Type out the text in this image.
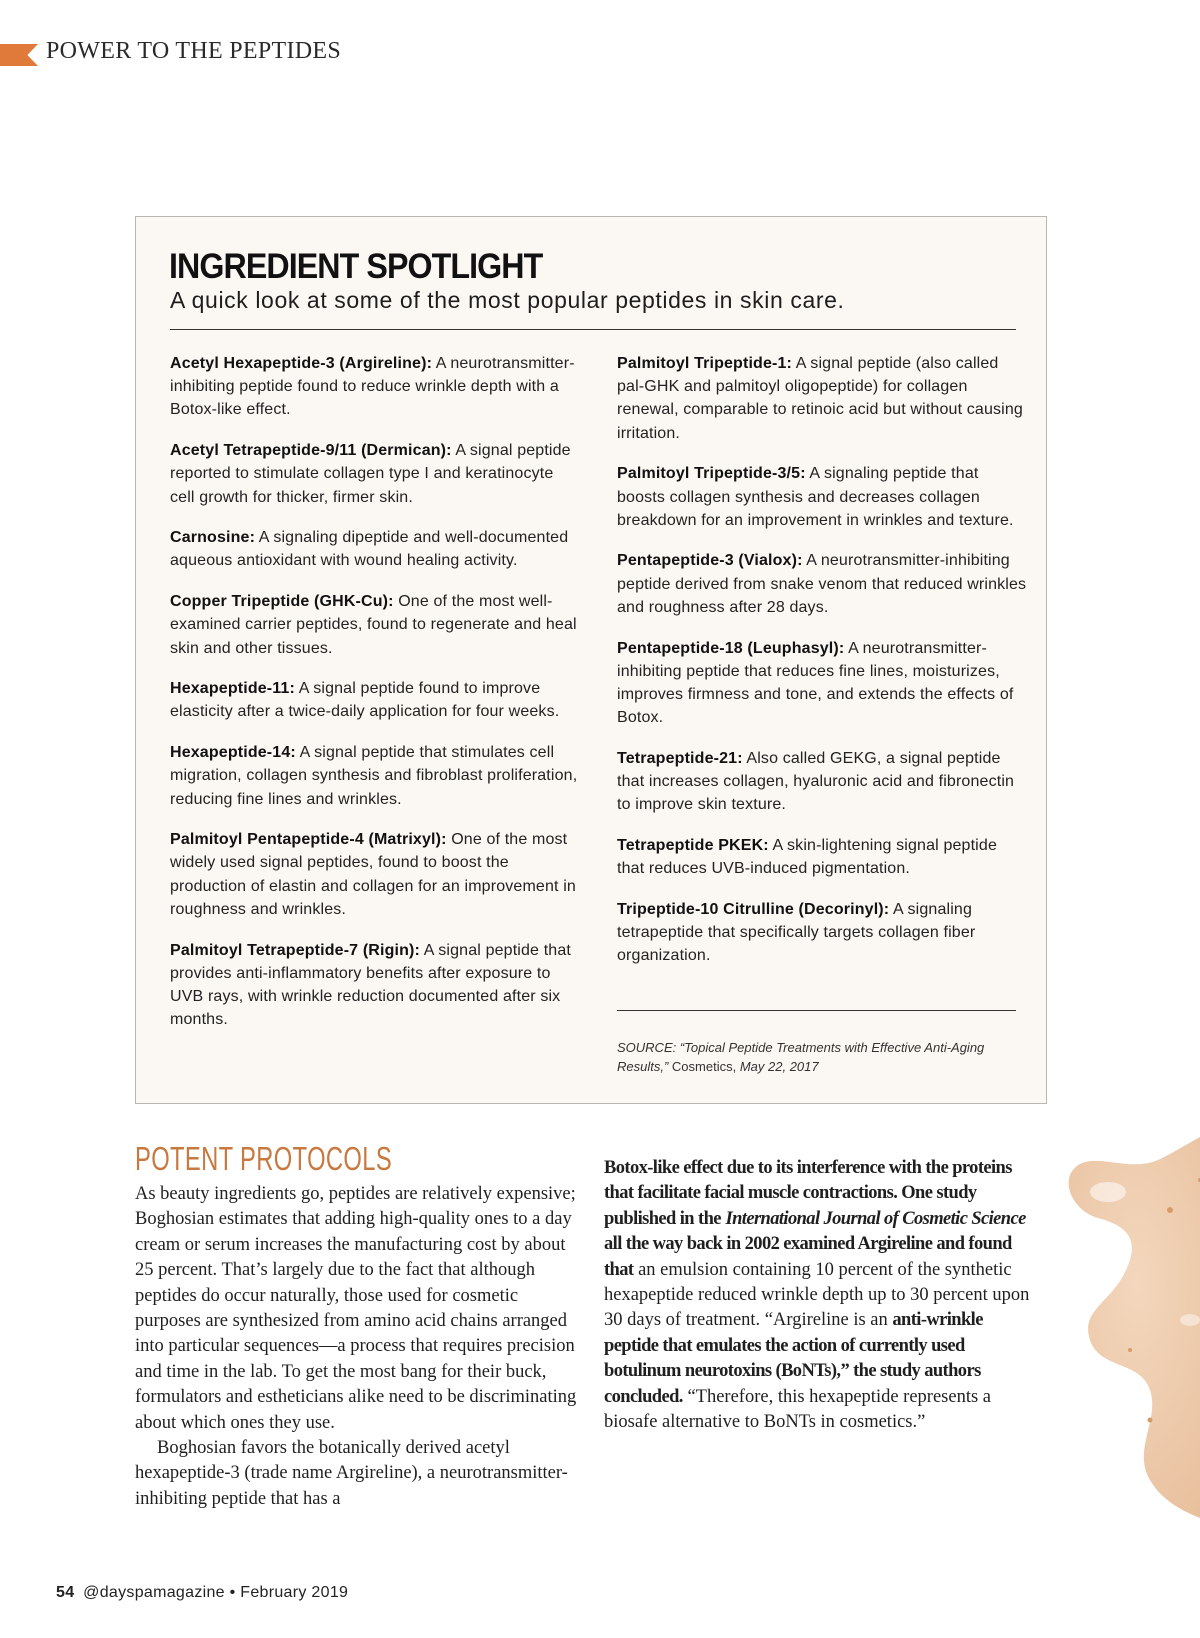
POWER TO THE PEPTIDES
INGREDIENT SPOTLIGHT
A quick look at some of the most popular peptides in skin care.

Acetyl Hexapeptide-3 (Argireline): A neurotransmitter-inhibiting peptide found to reduce wrinkle depth with a Botox-like effect.

Acetyl Tetrapeptide-9/11 (Dermican): A signal peptide reported to stimulate collagen type I and keratinocyte cell growth for thicker, firmer skin.

Carnosine: A signaling dipeptide and well-documented aqueous antioxidant with wound healing activity.

Copper Tripeptide (GHK-Cu): One of the most well-examined carrier peptides, found to regenerate and heal skin and other tissues.

Hexapeptide-11: A signal peptide found to improve elasticity after a twice-daily application for four weeks.

Hexapeptide-14: A signal peptide that stimulates cell migration, collagen synthesis and fibroblast proliferation, reducing fine lines and wrinkles.

Palmitoyl Pentapeptide-4 (Matrixyl): One of the most widely used signal peptides, found to boost the production of elastin and collagen for an improvement in roughness and wrinkles.

Palmitoyl Tetrapeptide-7 (Rigin): A signal peptide that provides anti-inflammatory benefits after exposure to UVB rays, with wrinkle reduction documented after six months.

Palmitoyl Tripeptide-1: A signal peptide (also called pal-GHK and palmitoyl oligopeptide) for collagen renewal, comparable to retinoic acid but without causing irritation.

Palmitoyl Tripeptide-3/5: A signaling peptide that boosts collagen synthesis and decreases collagen breakdown for an improvement in wrinkles and texture.

Pentapeptide-3 (Vialox): A neurotransmitter-inhibiting peptide derived from snake venom that reduced wrinkles and roughness after 28 days.

Pentapeptide-18 (Leuphasyl): A neurotransmitter-inhibiting peptide that reduces fine lines, moisturizes, improves firmness and tone, and extends the effects of Botox.

Tetrapeptide-21: Also called GEKG, a signal peptide that increases collagen, hyaluronic acid and fibronectin to improve skin texture.

Tetrapeptide PKEK: A skin-lightening signal peptide that reduces UVB-induced pigmentation.

Tripeptide-10 Citrulline (Decorinyl): A signaling tetrapeptide that specifically targets collagen fiber organization.

SOURCE: “Topical Peptide Treatments with Effective Anti-Aging Results,” Cosmetics, May 22, 2017
POTENT PROTOCOLS

As beauty ingredients go, peptides are relatively expensive; Boghosian estimates that adding high-quality ones to a day cream or serum increases the manufacturing cost by about 25 percent. That’s largely due to the fact that although peptides do occur naturally, those used for cosmetic purposes are synthesized from amino acid chains arranged into particular sequences—a process that requires precision and time in the lab. To get the most bang for their buck, formulators and estheticians alike need to be discriminating about which ones they use.

Boghosian favors the botanically derived acetyl hexapeptide-3 (trade name Argireline), a neurotransmitter-inhibiting peptide that has a

Botox-like effect due to its interference with the proteins that facilitate facial muscle contractions. One study published in the International Journal of Cosmetic Science all the way back in 2002 examined Argireline and found that an emulsion containing 10 percent of the synthetic hexapeptide reduced wrinkle depth up to 30 percent upon 30 days of treatment. “Argireline is an anti-wrinkle peptide that emulates the action of currently used botulinum neurotoxins (BoNTs),” the study authors concluded. “Therefore, this hexapeptide represents a biosafe alternative to BoNTs in cosmetics.”

54 @dayspamagazine • February 2019
